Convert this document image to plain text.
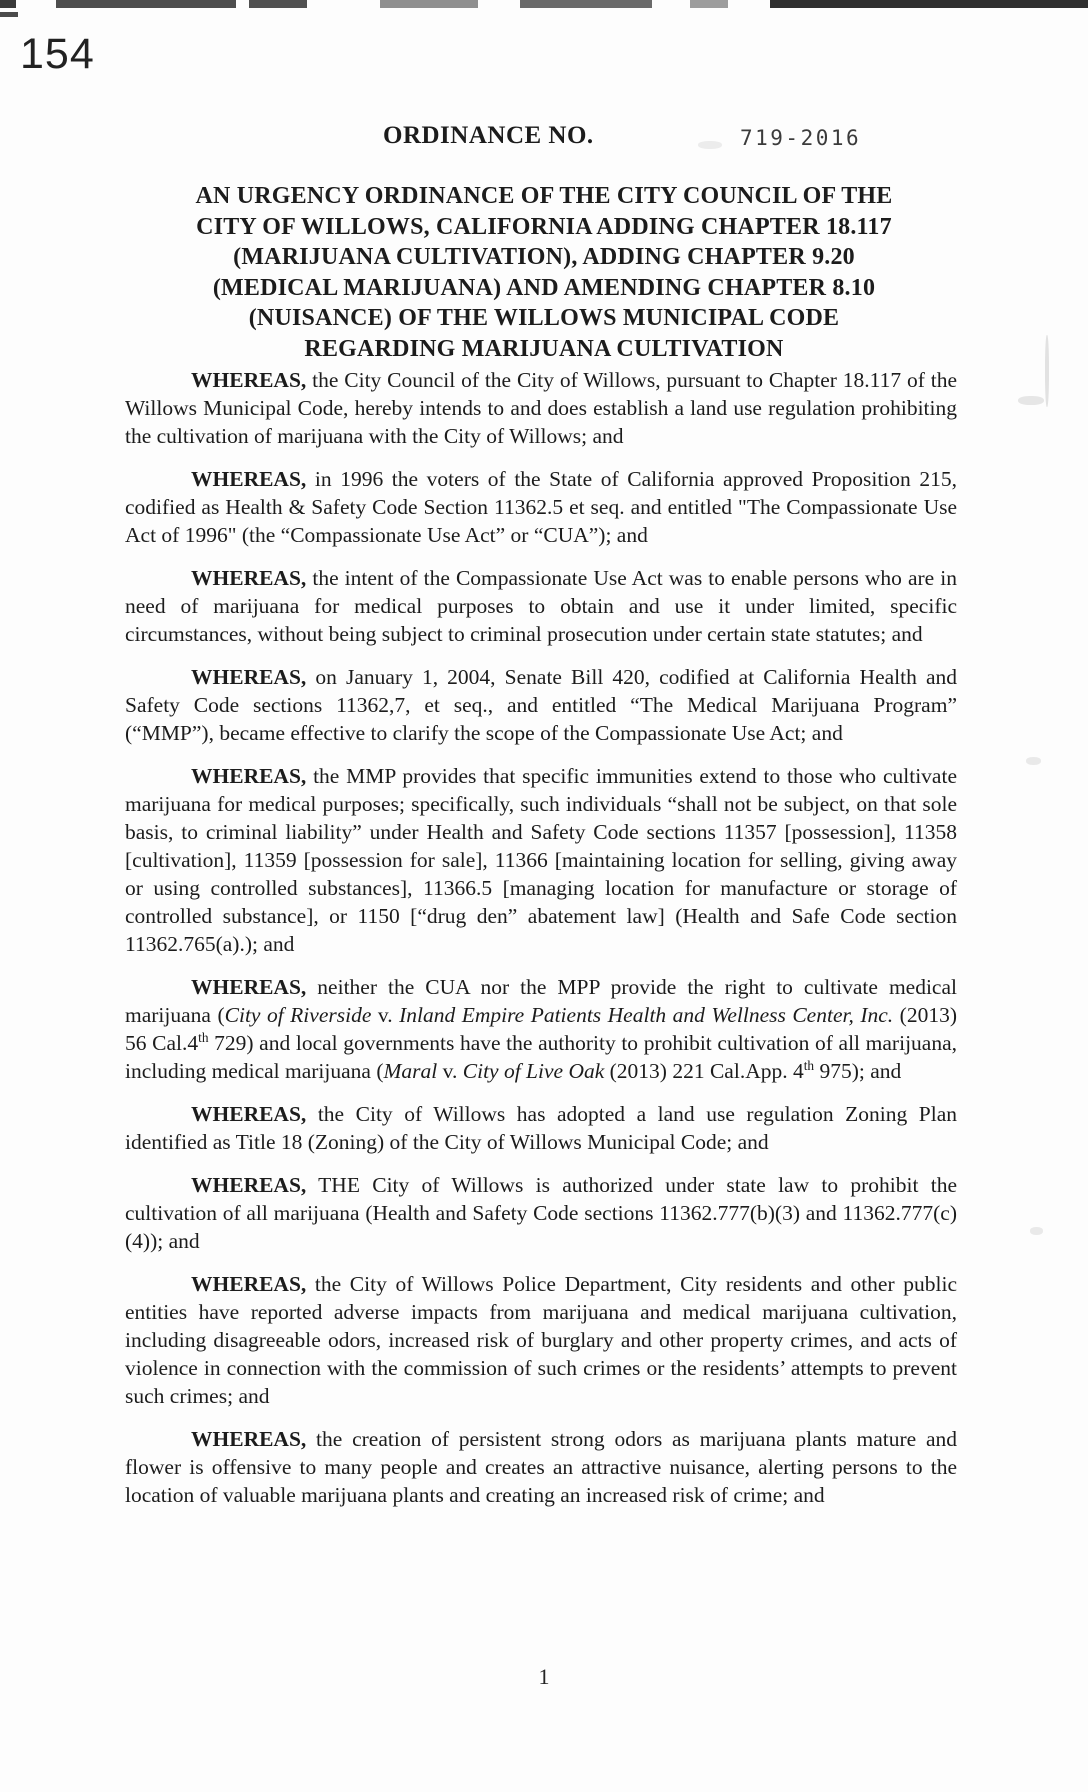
154
ORDINANCE NO.	719-2016
AN URGENCY ORDINANCE OF THE CITY COUNCIL OF THE
CITY OF WILLOWS, CALIFORNIA ADDING CHAPTER 18.117
(MARIJUANA CULTIVATION), ADDING CHAPTER 9.20
(MEDICAL MARIJUANA) AND AMENDING CHAPTER 8.10
(NUISANCE) OF THE WILLOWS MUNICIPAL CODE
REGARDING MARIJUANA CULTIVATION

WHEREAS, the City Council of the City of Willows, pursuant to Chapter 18.117 of the Willows Municipal Code, hereby intends to and does establish a land use regulation prohibiting the cultivation of marijuana with the City of Willows; and

WHEREAS, in 1996 the voters of the State of California approved Proposition 215, codified as Health & Safety Code Section 11362.5 et seq. and entitled "The Compassionate Use Act of 1996" (the “Compassionate Use Act” or “CUA”); and

WHEREAS, the intent of the Compassionate Use Act was to enable persons who are in need of marijuana for medical purposes to obtain and use it under limited, specific circumstances, without being subject to criminal prosecution under certain state statutes; and

WHEREAS, on January 1, 2004, Senate Bill 420, codified at California Health and Safety Code sections 11362,7, et seq., and entitled “The Medical Marijuana Program” (“MMP”), became effective to clarify the scope of the Compassionate Use Act; and

WHEREAS, the MMP provides that specific immunities extend to those who cultivate marijuana for medical purposes; specifically, such individuals “shall not be subject, on that sole basis, to criminal liability” under Health and Safety Code sections 11357 [possession], 11358 [cultivation], 11359 [possession for sale], 11366 [maintaining location for selling, giving away or using controlled substances], 11366.5 [managing location for manufacture or storage of controlled substance], or 1150 [“drug den” abatement law] (Health and Safe Code section 11362.765(a).); and

WHEREAS, neither the CUA nor the MPP provide the right to cultivate medical marijuana (City of Riverside v. Inland Empire Patients Health and Wellness Center, Inc. (2013) 56 Cal.4th 729) and local governments have the authority to prohibit cultivation of all marijuana, including medical marijuana (Maral v. City of Live Oak (2013) 221 Cal.App. 4th 975); and

WHEREAS, the City of Willows has adopted a land use regulation Zoning Plan identified as Title 18 (Zoning) of the City of Willows Municipal Code; and

WHEREAS, THE City of Willows is authorized under state law to prohibit the cultivation of all marijuana (Health and Safety Code sections 11362.777(b)(3) and 11362.777(c)(4)); and

WHEREAS, the City of Willows Police Department, City residents and other public entities have reported adverse impacts from marijuana and medical marijuana cultivation, including disagreeable odors, increased risk of burglary and other property crimes, and acts of violence in connection with the commission of such crimes or the residents’ attempts to prevent such crimes; and

WHEREAS, the creation of persistent strong odors as marijuana plants mature and flower is offensive to many people and creates an attractive nuisance, alerting persons to the location of valuable marijuana plants and creating an increased risk of crime; and

1
